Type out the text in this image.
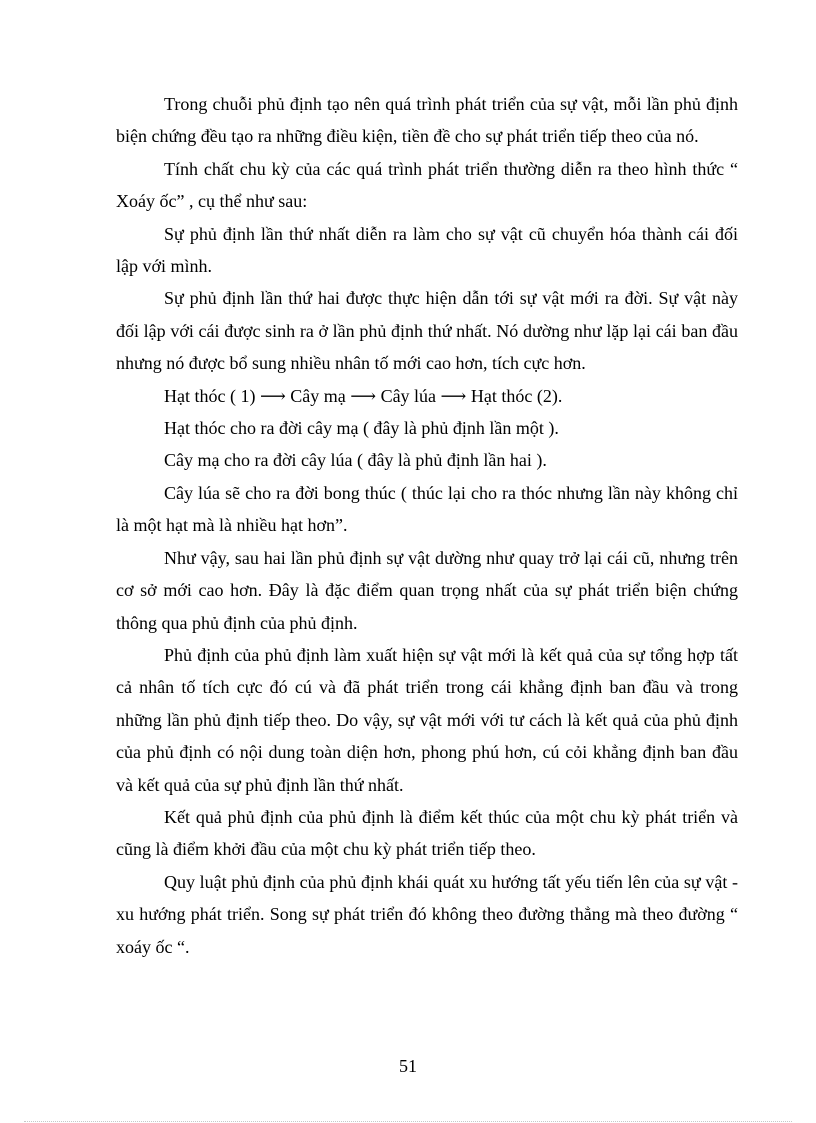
Trong chuỗi phủ định tạo nên quá trình phát triển của sự vật, mỗi lần phủ định biện chứng đều tạo ra những điều kiện, tiền đề cho sự phát triển tiếp theo của nó.

Tính chất chu kỳ của các quá trình phát triển thường diễn ra theo hình thức “ Xoáy ốc” , cụ thể như sau:

Sự phủ định lần thứ nhất diễn ra làm cho sự vật cũ chuyển hóa thành cái đối lập với mình.

Sự phủ định lần thứ hai được thực hiện dẫn tới sự vật mới ra đời. Sự vật này đối lập với cái được sinh ra ở lần phủ định thứ nhất. Nó dường như lặp lại cái ban đầu nhưng nó được bổ sung nhiều nhân tố mới cao hơn, tích cực hơn.

Hạt thóc ( 1) ⟶ Cây mạ ⟶ Cây lúa ⟶ Hạt thóc (2).

Hạt thóc cho ra đời cây mạ ( đây là phủ định lần một ).

Cây mạ cho ra đời cây lúa ( đây là phủ định lần hai ).

Cây lúa sẽ cho ra đời bong thúc ( thúc lại cho ra thóc nhưng lần này không chỉ là một hạt mà là nhiều hạt hơn”.

Như vậy, sau hai lần phủ định sự vật dường như quay trở lại cái cũ, nhưng trên cơ sở mới cao hơn. Đây là đặc điểm quan trọng nhất của sự phát triển biện chứng thông qua phủ định của phủ định.

Phủ định của phủ định làm xuất hiện sự vật mới là kết quả của sự tổng hợp tất cả nhân tố tích cực đó cú và đã phát triển trong cái khẳng định ban đầu và trong những lần phủ định tiếp theo. Do vậy, sự vật mới với tư cách là kết quả của phủ định của phủ định có nội dung toàn diện hơn, phong phú hơn, cú cỏi khẳng định ban đầu và kết quả của sự phủ định lần thứ nhất.

Kết quả phủ định của phủ định là điểm kết thúc của một chu kỳ phát triển và cũng là điểm khởi đầu của một chu kỳ phát triển tiếp theo.

Quy luật phủ định của phủ định khái quát xu hướng tất yếu tiến lên của sự vật - xu hướng phát triển. Song sự phát triển đó không theo đường thẳng mà theo đường “ xoáy ốc “.

51
